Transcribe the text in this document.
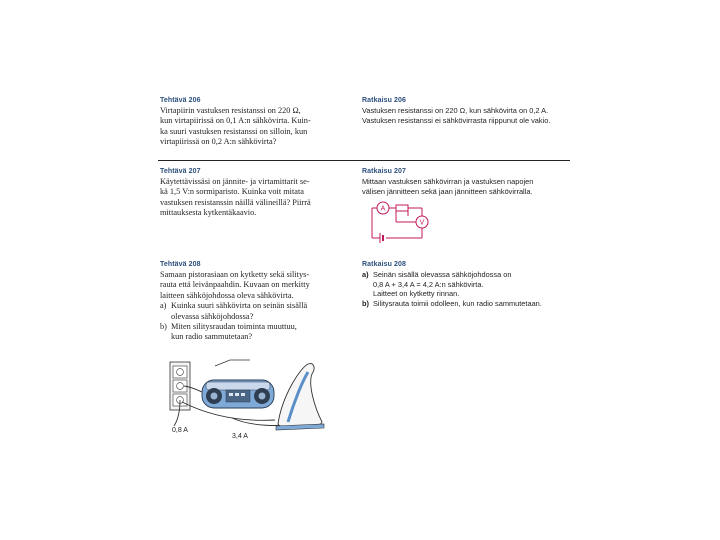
Tehtävä 206
Virtapiirin vastuksen resistanssi on 220 Ω,
kun virtapiirissä on 0,1 A:n sähkövirta. Kuin-
ka suuri vastuksen resistanssi on silloin, kun
virtapiirissä on 0,2 A:n sähkövirta?
Tehtävä 207
Käytettävissäsi on jännite- ja virtamittarit se-
kä 1,5 V:n sormiparisto. Kuinka voit mitata
vastuksen resistanssin näillä välineillä? Piirrä
mittauksesta kytkentäkaavio.
Tehtävä 208
Samaan pistorasiaan on kytketty sekä silitys-
rauta että leivänpaahdin. Kuvaan on merkitty
laitteen sähköjohdossa oleva sähkövirta.
a) Kuinka suuri sähkövirta on seinän sisällä
olevassa sähköjohdossa?
b) Miten silitysraudan toiminta muuttuu,
kun radio sammutetaan?
0,8 A
3,4 A
Ratkaisu 206
Vastuksen resistanssi on 220 Ω, kun sähkövirta on 0,2 A.
Vastuksen resistanssi ei sähkövirrasta riippunut ole vakio.
Ratkaisu 207
Mittaan vastuksen sähkövirran ja vastuksen napojen
välisen jännitteen sekä jaan jännitteen sähkövirralla.
A
V
Ratkaisu 208
a) Seinän sisällä olevassa sähköjohdossa on
0,8 A + 3,4 A = 4,2 A:n sähkövirta.
Laitteet on kytketty rinnan.
b) Silitysrauta toimii odolleen, kun radio sammutetaan.
